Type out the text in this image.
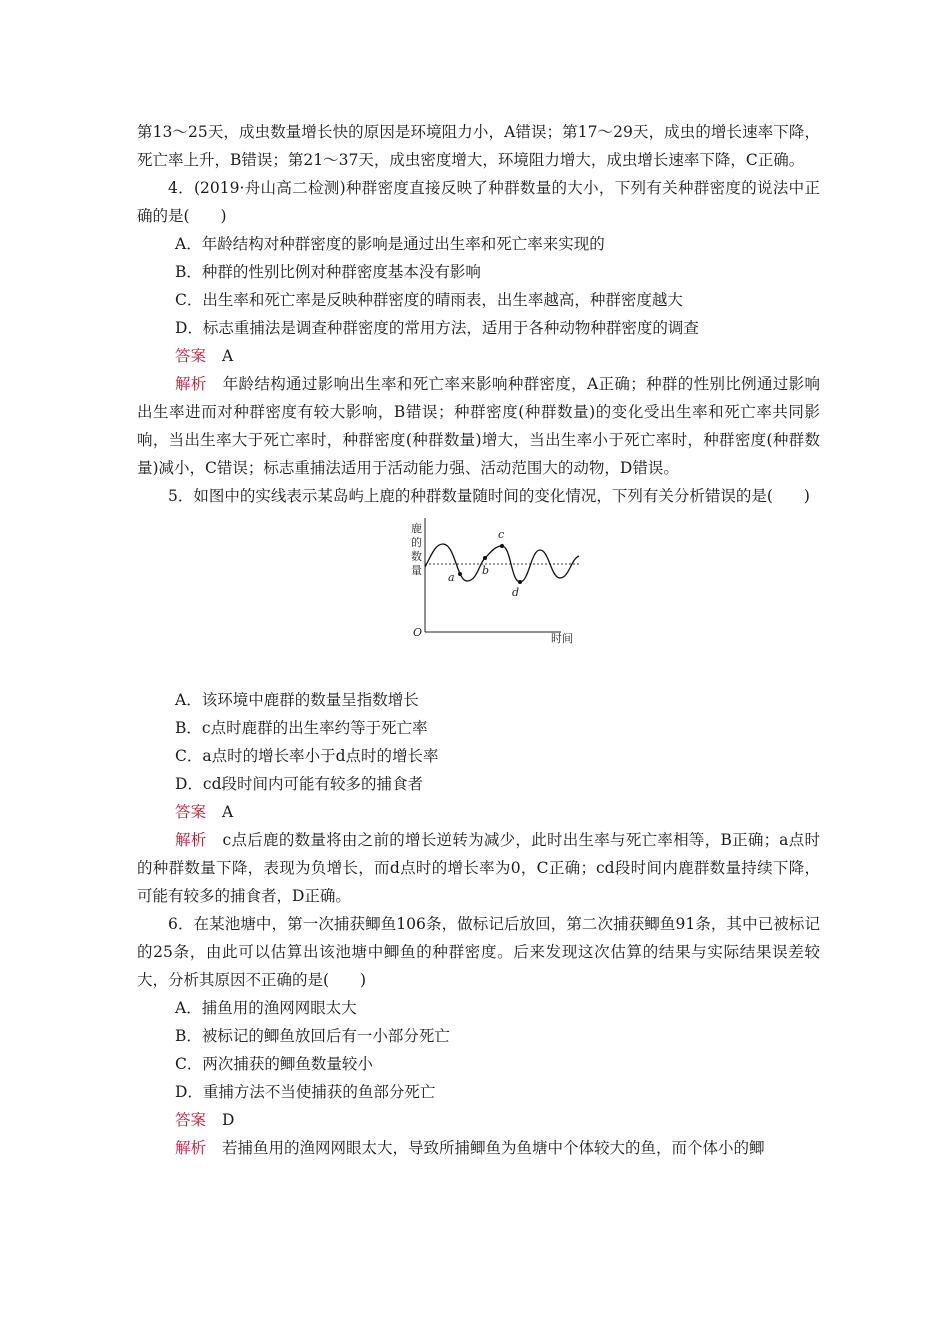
第13～25天，成虫数量增长快的原因是环境阻力小，A错误；第17～29天，成虫的增长速率下降，死亡率上升，B错误；第21～37天，成虫密度增大，环境阻力增大，成虫增长速率下降，C正确。

4．(2019·舟山高二检测)种群密度直接反映了种群数量的大小，下列有关种群密度的说法中正确的是(　　)

A．年龄结构对种群密度的影响是通过出生率和死亡率来实现的

B．种群的性别比例对种群密度基本没有影响

C．出生率和死亡率是反映种群密度的晴雨表，出生率越高，种群密度越大

D．标志重捕法是调查种群密度的常用方法，适用于各种动物种群密度的调查

答案 A

解析 年龄结构通过影响出生率和死亡率来影响种群密度，A正确；种群的性别比例通过影响出生率进而对种群密度有较大影响，B错误；种群密度(种群数量)的变化受出生率和死亡率共同影响，当出生率大于死亡率时，种群密度(种群数量)增大，当出生率小于死亡率时，种群密度(种群数量)减小，C错误；标志重捕法适用于活动能力强、活动范围大的动物，D错误。

5．如图中的实线表示某岛屿上鹿的种群数量随时间的变化情况，下列有关分析错误的是(　　)

鹿
的
数
量
a
b
c
d
O	时间

A．该环境中鹿群的数量呈指数增长

B．c点时鹿群的出生率约等于死亡率

C．a点时的增长率小于d点时的增长率

D．cd段时间内可能有较多的捕食者

答案 A

解析 c点后鹿的数量将由之前的增长逆转为减少，此时出生率与死亡率相等，B正确；a点时的种群数量下降，表现为负增长，而d点时的增长率为0，C正确；cd段时间内鹿群数量持续下降，可能有较多的捕食者，D正确。

6．在某池塘中，第一次捕获鲫鱼106条，做标记后放回，第二次捕获鲫鱼91条，其中已被标记的25条，由此可以估算出该池塘中鲫鱼的种群密度。后来发现这次估算的结果与实际结果误差较大，分析其原因不正确的是(　　)

A．捕鱼用的渔网网眼太大

B．被标记的鲫鱼放回后有一小部分死亡

C．两次捕获的鲫鱼数量较小

D．重捕方法不当使捕获的鱼部分死亡

答案 D

解析 若捕鱼用的渔网网眼太大，导致所捕鲫鱼为鱼塘中个体较大的鱼，而个体小的鲫
